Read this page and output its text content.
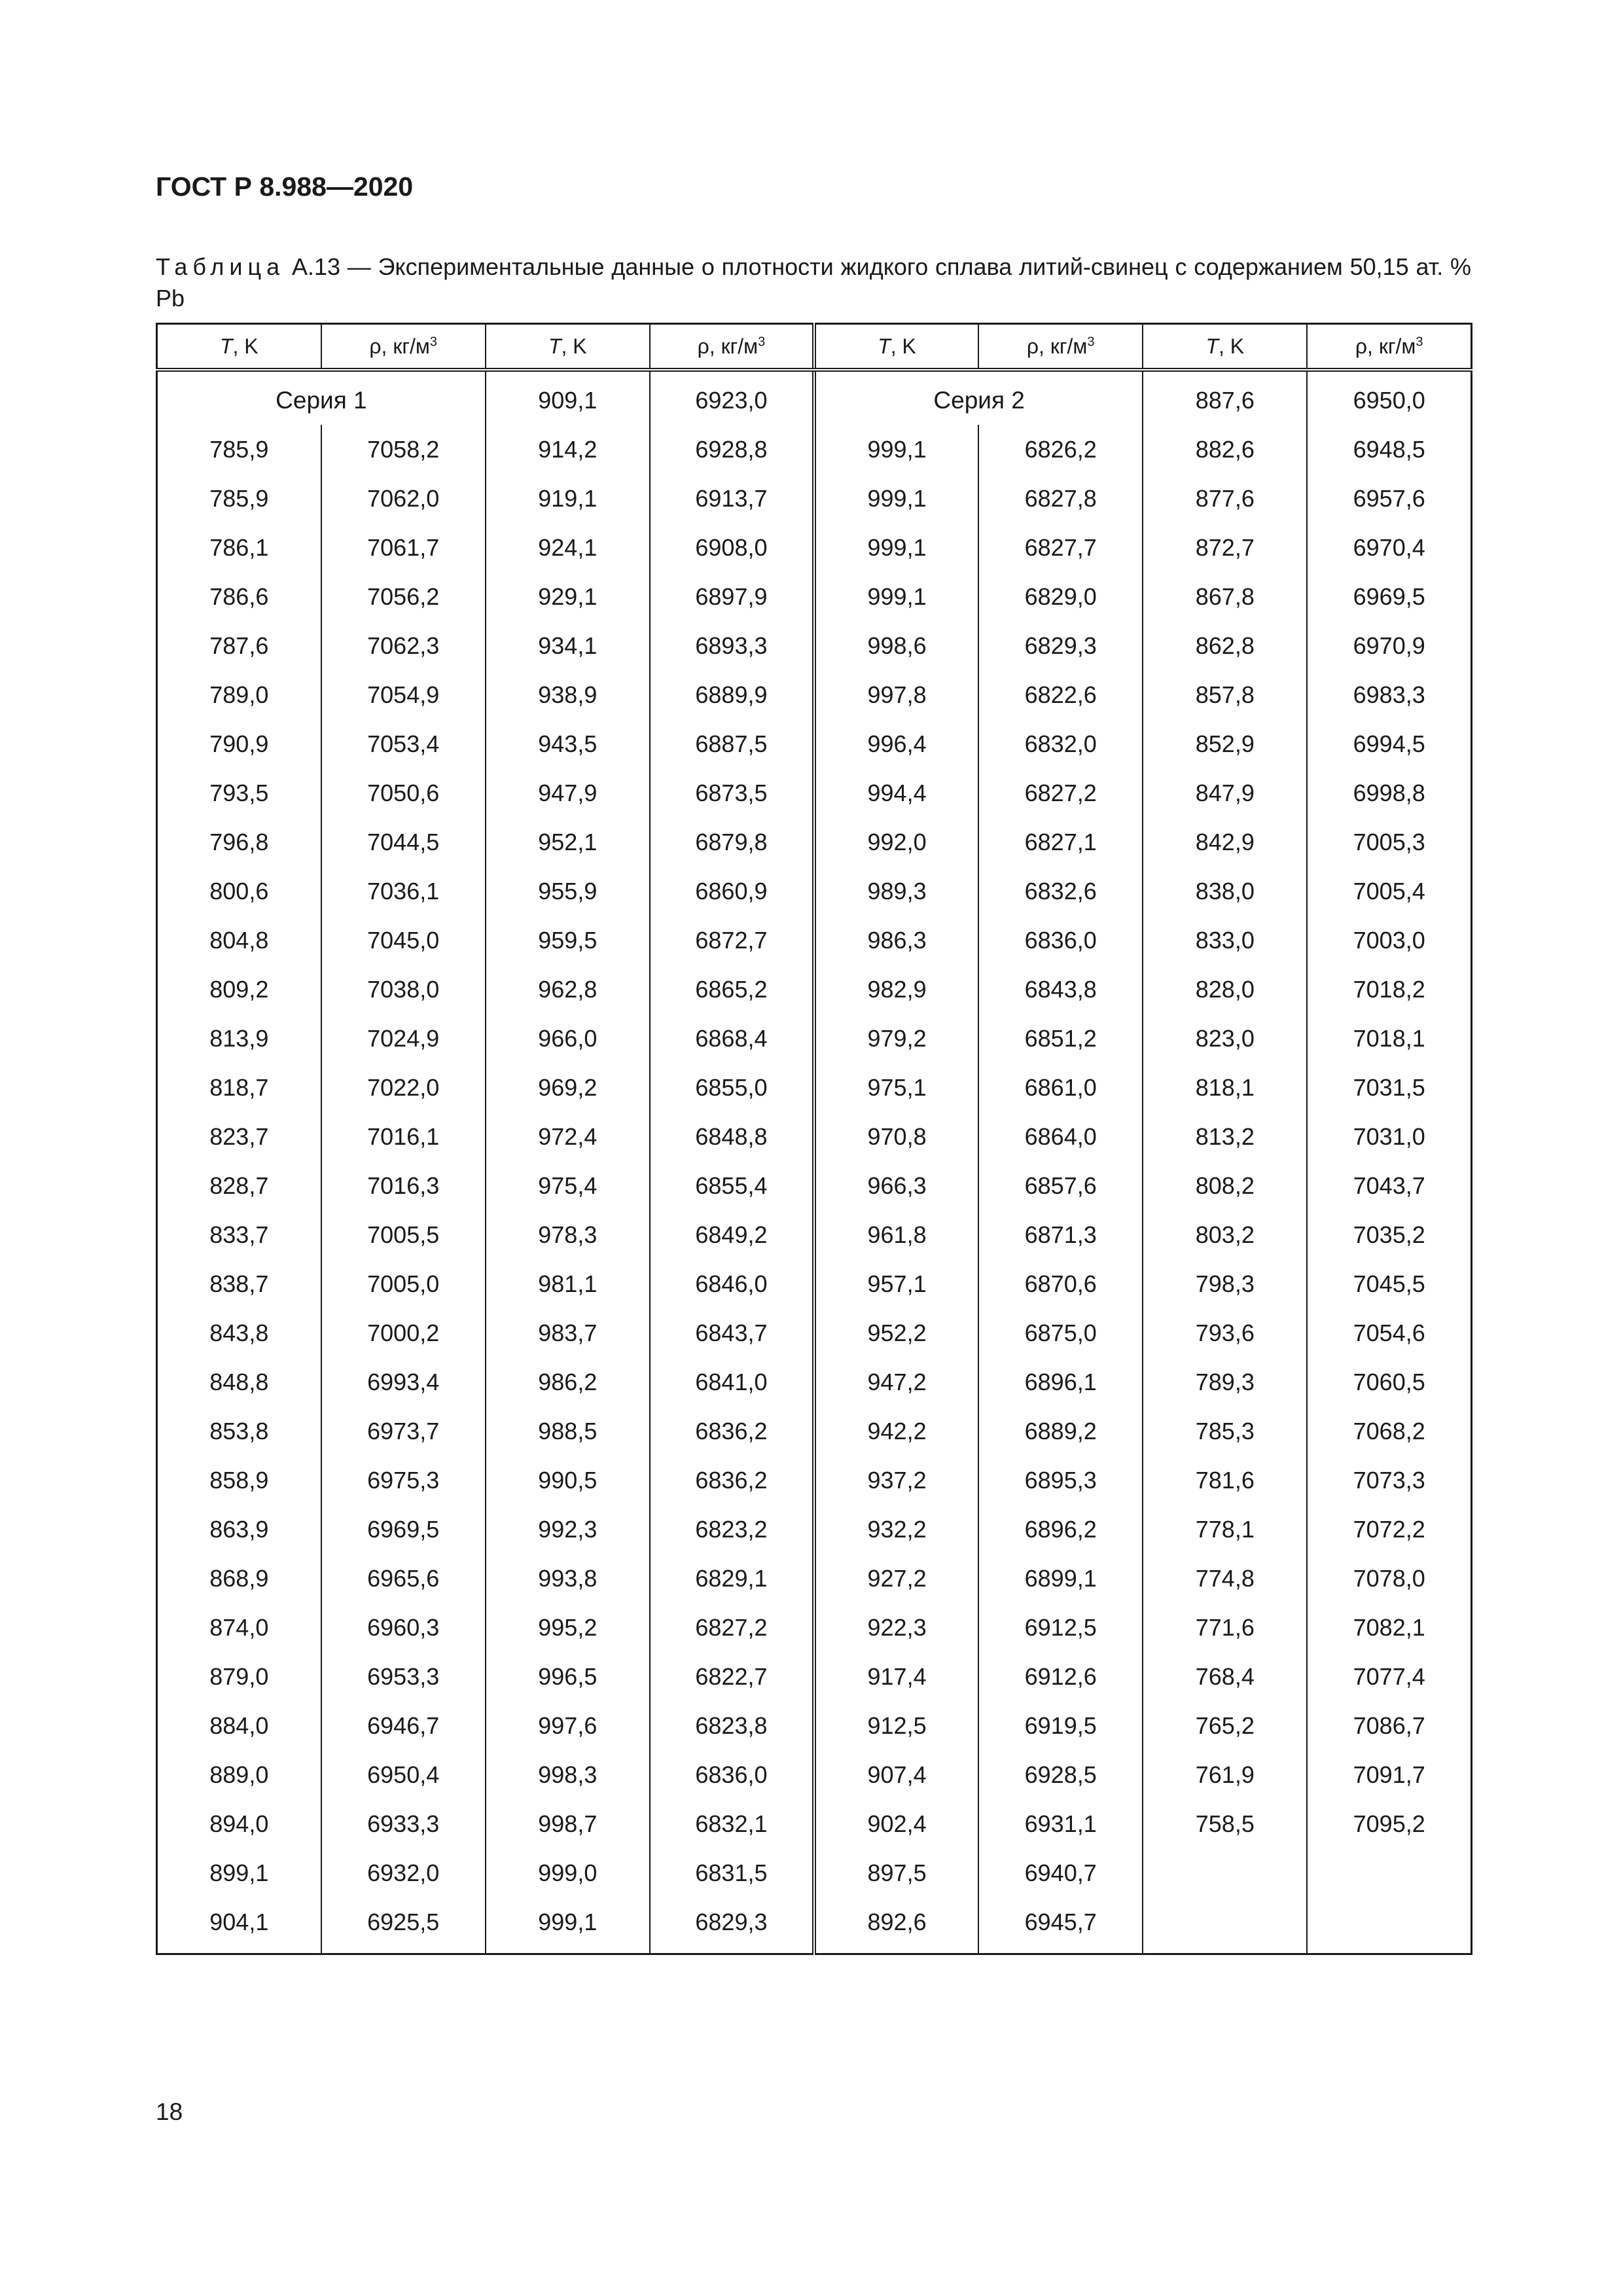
ГОСТ Р 8.988—2020
Таблица А.13 — Экспериментальные данные о плотности жидкого сплава литий-свинец с содержанием 50,15 ат. % Pb
T, K	ρ, $кг/м^3$	T, K	ρ, $кг/м^3$	T, K	ρ, $кг/м^3$	T, K	ρ, $кг/м^3$
Серия 1		909,1	6923,0	Серия 2		887,6	6950,0
785,9	7058,2	914,2	6928,8	999,1	6826,2	882,6	6948,5
785,9	7062,0	919,1	6913,7	999,1	6827,8	877,6	6957,6
786,1	7061,7	924,1	6908,0	999,1	6827,7	872,7	6970,4
786,6	7056,2	929,1	6897,9	999,1	6829,0	867,8	6969,5
787,6	7062,3	934,1	6893,3	998,6	6829,3	862,8	6970,9
789,0	7054,9	938,9	6889,9	997,8	6822,6	857,8	6983,3
790,9	7053,4	943,5	6887,5	996,4	6832,0	852,9	6994,5
793,5	7050,6	947,9	6873,5	994,4	6827,2	847,9	6998,8
796,8	7044,5	952,1	6879,8	992,0	6827,1	842,9	7005,3
800,6	7036,1	955,9	6860,9	989,3	6832,6	838,0	7005,4
804,8	7045,0	959,5	6872,7	986,3	6836,0	833,0	7003,0
809,2	7038,0	962,8	6865,2	982,9	6843,8	828,0	7018,2
813,9	7024,9	966,0	6868,4	979,2	6851,2	823,0	7018,1
818,7	7022,0	969,2	6855,0	975,1	6861,0	818,1	7031,5
823,7	7016,1	972,4	6848,8	970,8	6864,0	813,2	7031,0
828,7	7016,3	975,4	6855,4	966,3	6857,6	808,2	7043,7
833,7	7005,5	978,3	6849,2	961,8	6871,3	803,2	7035,2
838,7	7005,0	981,1	6846,0	957,1	6870,6	798,3	7045,5
843,8	7000,2	983,7	6843,7	952,2	6875,0	793,6	7054,6
848,8	6993,4	986,2	6841,0	947,2	6896,1	789,3	7060,5
853,8	6973,7	988,5	6836,2	942,2	6889,2	785,3	7068,2
858,9	6975,3	990,5	6836,2	937,2	6895,3	781,6	7073,3
863,9	6969,5	992,3	6823,2	932,2	6896,2	778,1	7072,2
868,9	6965,6	993,8	6829,1	927,2	6899,1	774,8	7078,0
874,0	6960,3	995,2	6827,2	922,3	6912,5	771,6	7082,1
879,0	6953,3	996,5	6822,7	917,4	6912,6	768,4	7077,4
884,0	6946,7	997,6	6823,8	912,5	6919,5	765,2	7086,7
889,0	6950,4	998,3	6836,0	907,4	6928,5	761,9	7091,7
894,0	6933,3	998,7	6832,1	902,4	6931,1	758,5	7095,2
899,1	6932,0	999,0	6831,5	897,5	6940,7		
904,1	6925,5	999,1	6829,3	892,6	6945,7		
18
